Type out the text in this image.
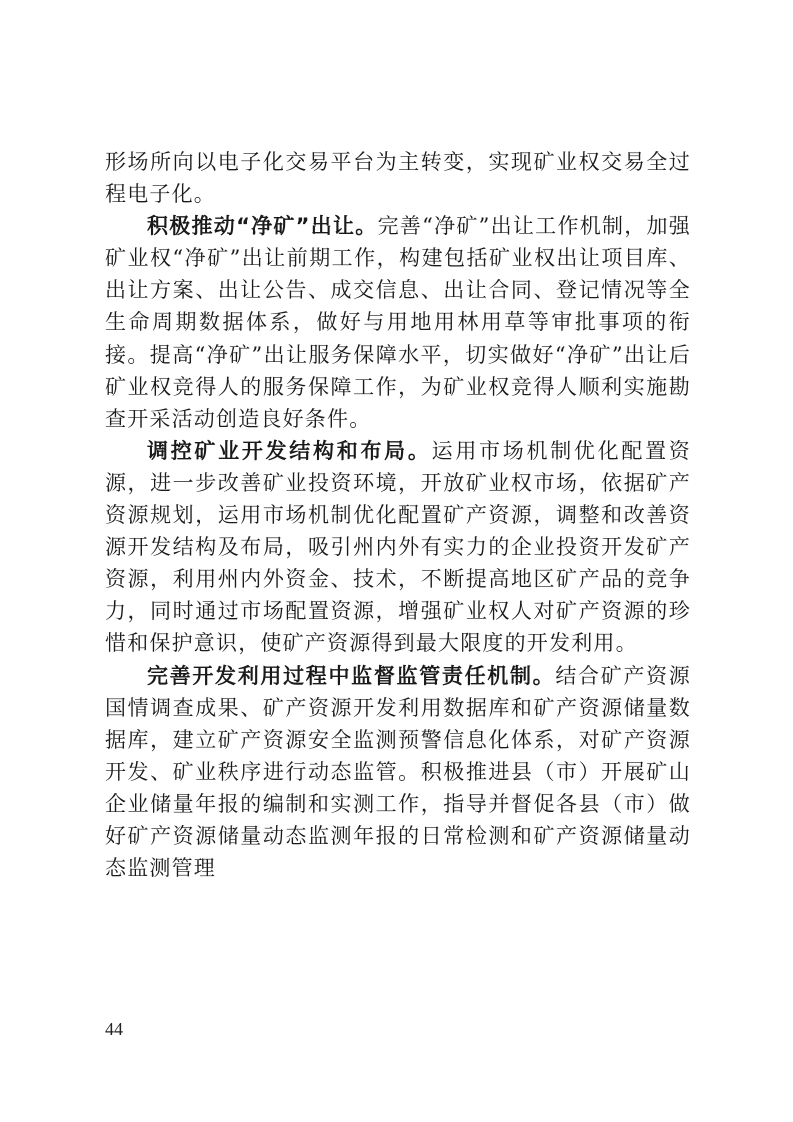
形场所向以电子化交易平台为主转变，实现矿业权交易全过程电子化。

积极推动“净矿”出让。完善“净矿”出让工作机制，加强矿业权“净矿”出让前期工作，构建包括矿业权出让项目库、出让方案、出让公告、成交信息、出让合同、登记情况等全生命周期数据体系，做好与用地用林用草等审批事项的衔接。提高“净矿”出让服务保障水平，切实做好“净矿”出让后矿业权竞得人的服务保障工作，为矿业权竞得人顺利实施勘查开采活动创造良好条件。

调控矿业开发结构和布局。运用市场机制优化配置资源，进一步改善矿业投资环境，开放矿业权市场，依据矿产资源规划，运用市场机制优化配置矿产资源，调整和改善资源开发结构及布局，吸引州内外有实力的企业投资开发矿产资源，利用州内外资金、技术，不断提高地区矿产品的竞争力，同时通过市场配置资源，增强矿业权人对矿产资源的珍惜和保护意识，使矿产资源得到最大限度的开发利用。

完善开发利用过程中监督监管责任机制。结合矿产资源国情调查成果、矿产资源开发利用数据库和矿产资源储量数据库，建立矿产资源安全监测预警信息化体系，对矿产资源开发、矿业秩序进行动态监管。积极推进县（市）开展矿山企业储量年报的编制和实测工作，指导并督促各县（市）做好矿产资源储量动态监测年报的日常检测和矿产资源储量动态监测管理

44
